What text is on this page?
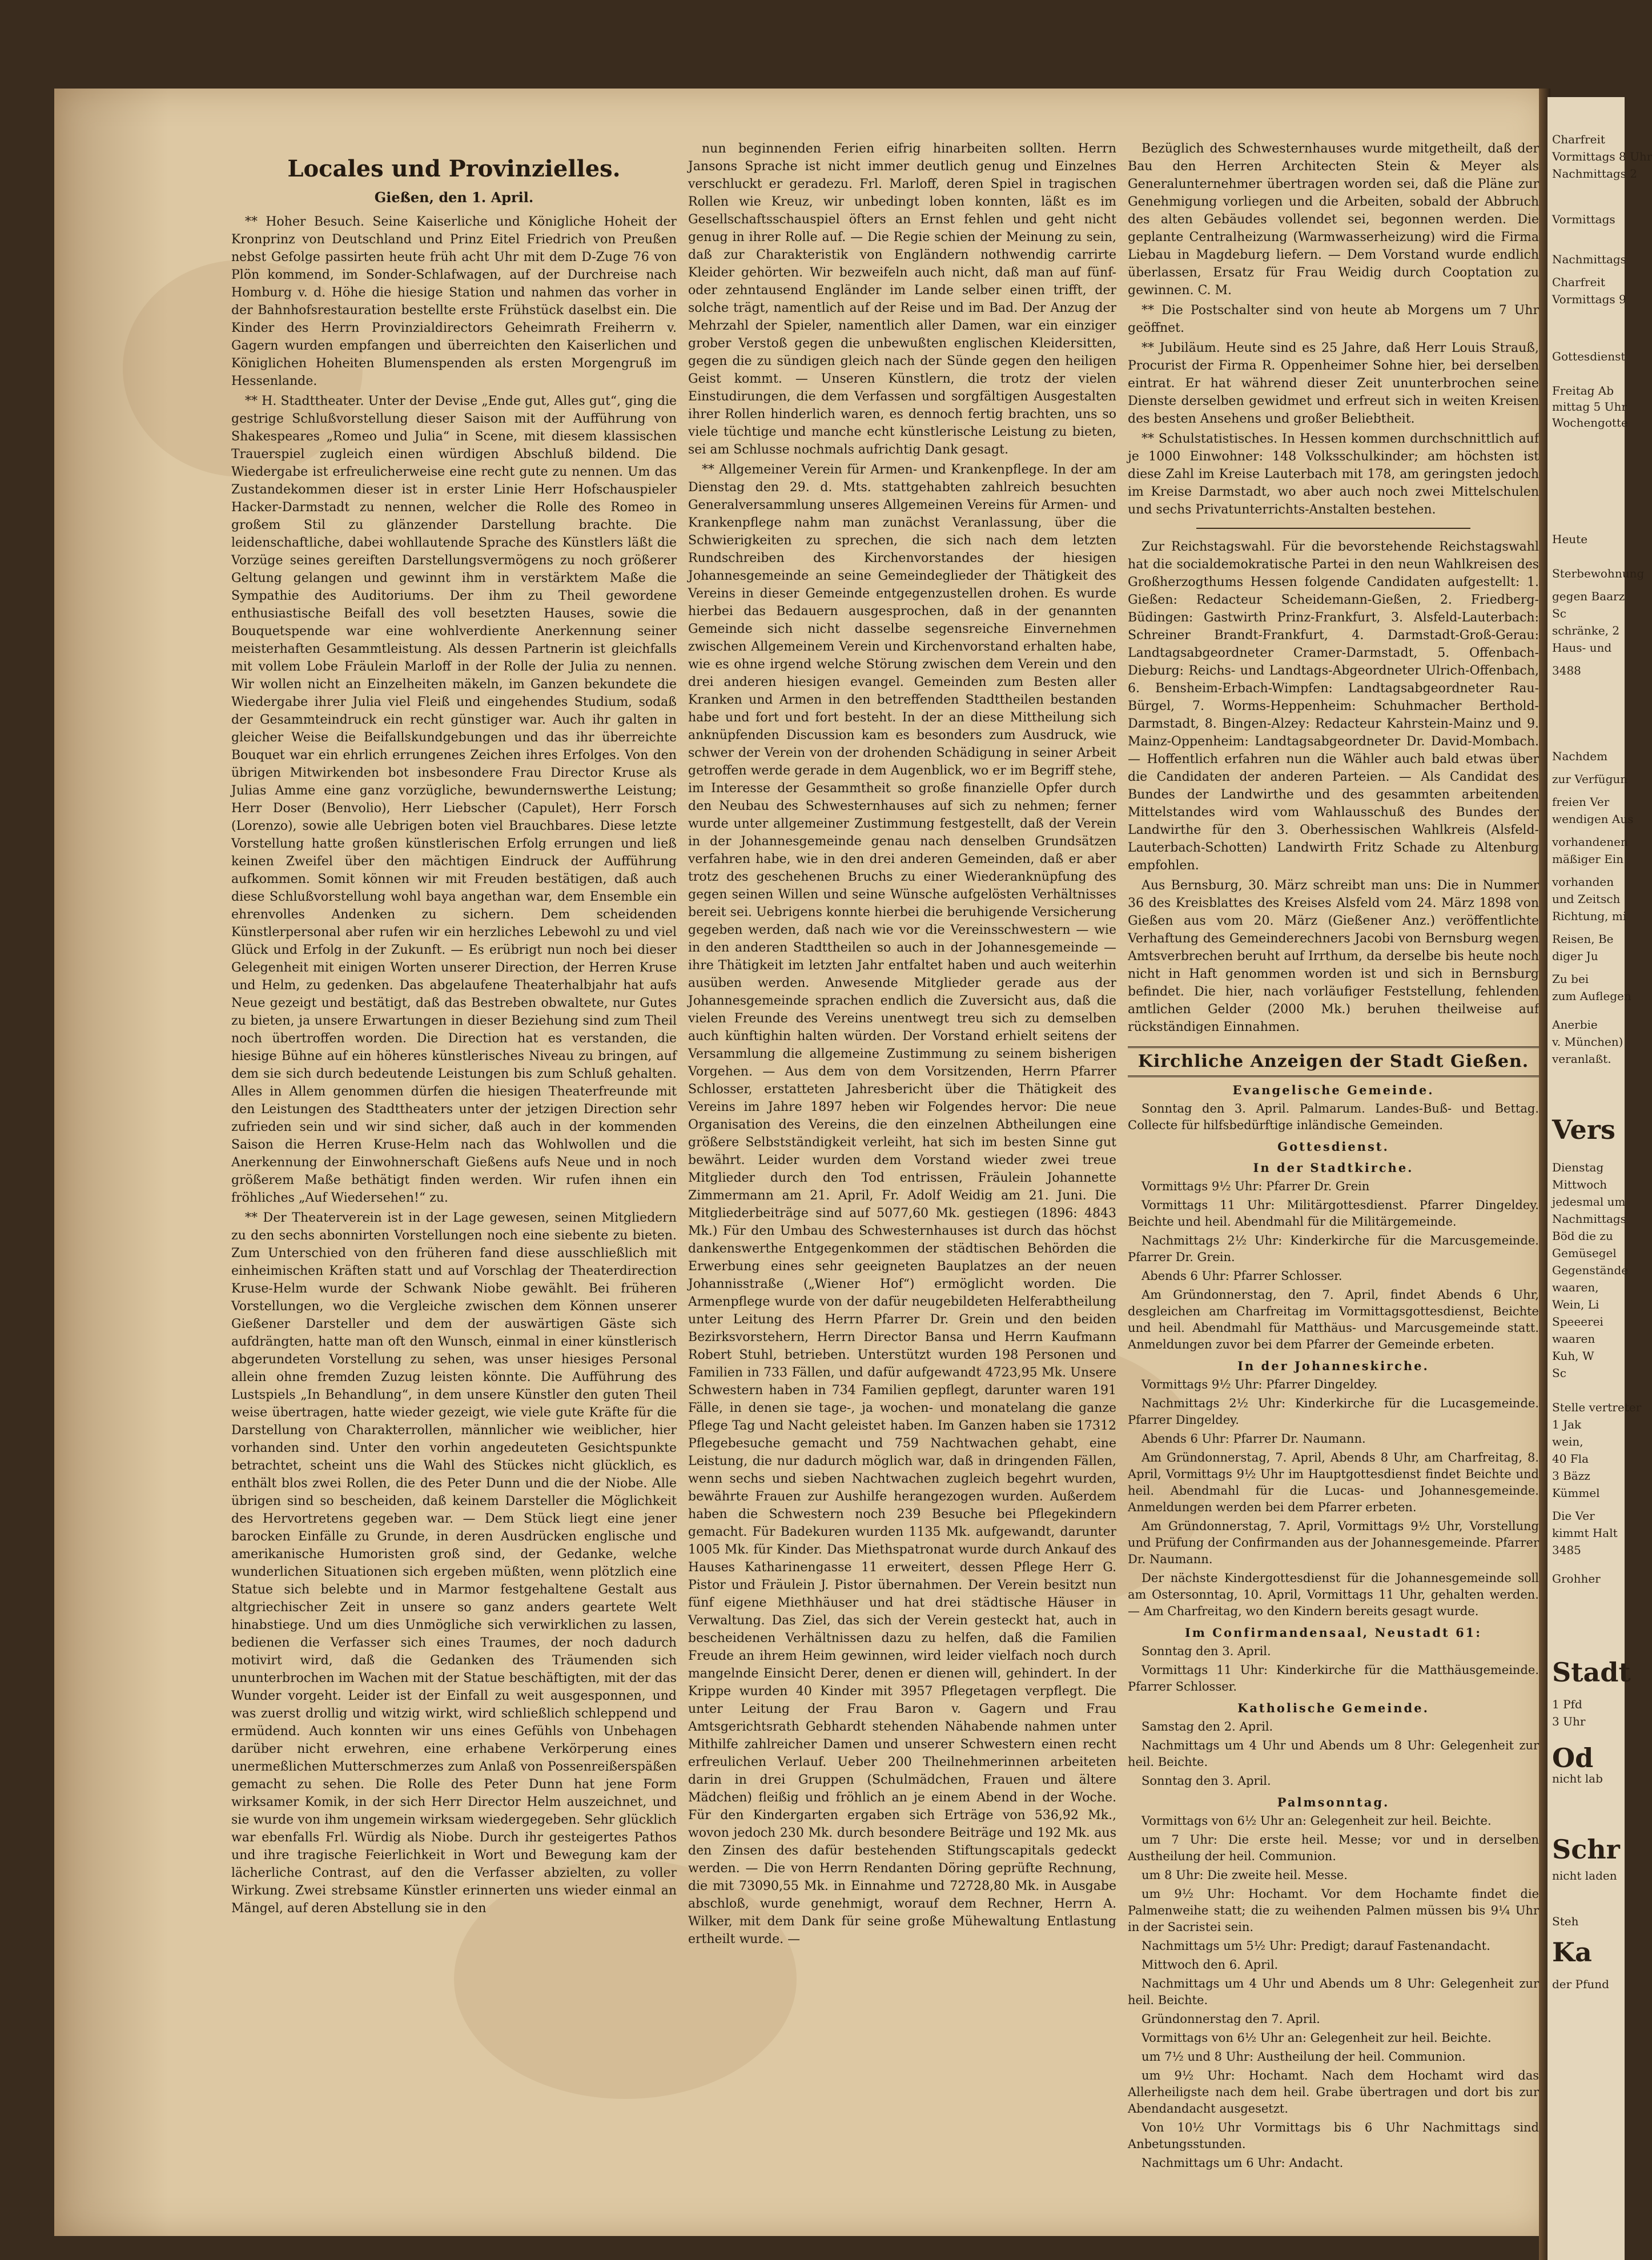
Locales und Provinzielles.
Gießen, den 1. April.

** Hoher Besuch. Seine Kaiserliche und Königliche Hoheit der Kronprinz von Deutschland und Prinz Eitel Friedrich von Preußen nebst Gefolge passirten heute früh acht Uhr mit dem D-Zuge 76 von Plön kommend, im Sonder-Schlafwagen, auf der Durchreise nach Homburg v. d. Höhe die hiesige Station und nahmen das vorher in der Bahnhofsrestauration bestellte erste Frühstück daselbst ein. Die Kinder des Herrn Provinzialdirectors Geheimrath Freiherrn v. Gagern wurden empfangen und überreichten den Kaiserlichen und Königlichen Hoheiten Blumenspenden als ersten Morgengruß im Hessenlande.

** H. Stadttheater. Unter der Devise „Ende gut, Alles gut“, ging die gestrige Schlußvorstellung dieser Saison mit der Aufführung von Shakespeares „Romeo und Julia“ in Scene, mit diesem klassischen Trauerspiel zugleich einen würdigen Abschluß bildend. Die Wiedergabe ist erfreulicherweise eine recht gute zu nennen. Um das Zustandekommen dieser ist in erster Linie Herr Hofschauspieler Hacker-Darmstadt zu nennen, welcher die Rolle des Romeo in großem Stil zu glänzender Darstellung brachte. Die leidenschaftliche, dabei wohllautende Sprache des Künstlers läßt die Vorzüge seines gereiften Darstellungsvermögens zu noch größerer Geltung gelangen und gewinnt ihm in verstärktem Maße die Sympathie des Auditoriums. Der ihm zu Theil gewordene enthusiastische Beifall des voll besetzten Hauses, sowie die Bouquetspende war eine wohlverdiente Anerkennung seiner meisterhaften Gesammtleistung. Als dessen Partnerin ist gleichfalls mit vollem Lobe Fräulein Marloff in der Rolle der Julia zu nennen. Wir wollen nicht an Einzelheiten mäkeln, im Ganzen bekundete die Wiedergabe ihrer Julia viel Fleiß und eingehendes Studium, sodaß der Gesammteindruck ein recht günstiger war. Auch ihr galten in gleicher Weise die Beifallskundgebungen und das ihr überreichte Bouquet war ein ehrlich errungenes Zeichen ihres Erfolges. Von den übrigen Mitwirkenden bot insbesondere Frau Director Kruse als Julias Amme eine ganz vorzügliche, bewundernswerthe Leistung; Herr Doser (Benvolio), Herr Liebscher (Capulet), Herr Forsch (Lorenzo), sowie alle Uebrigen boten viel Brauchbares. Diese letzte Vorstellung hatte großen künstlerischen Erfolg errungen und ließ keinen Zweifel über den mächtigen Eindruck der Aufführung aufkommen. Somit können wir mit Freuden bestätigen, daß auch diese Schlußvorstellung wohl baya angethan war, dem Ensemble ein ehrenvolles Andenken zu sichern. Dem scheidenden Künstlerpersonal aber rufen wir ein herzliches Lebewohl zu und viel Glück und Erfolg in der Zukunft. — Es erübrigt nun noch bei dieser Gelegenheit mit einigen Worten unserer Direction, der Herren Kruse und Helm, zu gedenken. Das abgelaufene Theaterhalbjahr hat aufs Neue gezeigt und bestätigt, daß das Bestreben obwaltete, nur Gutes zu bieten, ja unsere Erwartungen in dieser Beziehung sind zum Theil noch übertroffen worden. Die Direction hat es verstanden, die hiesige Bühne auf ein höheres künstlerisches Niveau zu bringen, auf dem sie sich durch bedeutende Leistungen bis zum Schluß gehalten. Alles in Allem genommen dürfen die hiesigen Theaterfreunde mit den Leistungen des Stadttheaters unter der jetzigen Direction sehr zufrieden sein und wir sind sicher, daß auch in der kommenden Saison die Herren Kruse-Helm nach das Wohlwollen und die Anerkennung der Einwohnerschaft Gießens aufs Neue und in noch größerem Maße bethätigt finden werden. Wir rufen ihnen ein fröhliches „Auf Wiedersehen!“ zu.

** Der Theaterverein ist in der Lage gewesen, seinen Mitgliedern zu den sechs abonnirten Vorstellungen noch eine siebente zu bieten. Zum Unterschied von den früheren fand diese ausschließlich mit einheimischen Kräften statt und auf Vorschlag der Theaterdirection Kruse-Helm wurde der Schwank Niobe gewählt. Bei früheren Vorstellungen, wo die Vergleiche zwischen dem Können unserer Gießener Darsteller und dem der auswärtigen Gäste sich aufdrängten, hatte man oft den Wunsch, einmal in einer künstlerisch abgerundeten Vorstellung zu sehen, was unser hiesiges Personal allein ohne fremden Zuzug leisten könnte. Die Aufführung des Lustspiels „In Behandlung“, in dem unsere Künstler den guten Theil weise übertragen, hatte wieder gezeigt, wie viele gute Kräfte für die Darstellung von Charakterrollen, männlicher wie weiblicher, hier vorhanden sind. Unter den vorhin angedeuteten Gesichtspunkte betrachtet, scheint uns die Wahl des Stückes nicht glücklich, es enthält blos zwei Rollen, die des Peter Dunn und die der Niobe. Alle übrigen sind so bescheiden, daß keinem Darsteller die Möglichkeit des Hervortretens gegeben war. — Dem Stück liegt eine jener barocken Einfälle zu Grunde, in deren Ausdrücken englische und amerikanische Humoristen groß sind, der Gedanke, welche wunderlichen Situationen sich ergeben müßten, wenn plötzlich eine Statue sich belebte und in Marmor festgehaltene Gestalt aus altgriechischer Zeit in unsere so ganz anders geartete Welt hinabstiege. Und um dies Unmögliche sich verwirklichen zu lassen, bedienen die Verfasser sich eines Traumes, der noch dadurch motivirt wird, daß die Gedanken des Träumenden sich ununterbrochen im Wachen mit der Statue beschäftigten, mit der das Wunder vorgeht. Leider ist der Einfall zu weit ausgesponnen, und was zuerst drollig und witzig wirkt, wird schließlich schleppend und ermüdend. Auch konnten wir uns eines Gefühls von Unbehagen darüber nicht erwehren, eine erhabene Verkörperung eines unermeßlichen Mutterschmerzes zum Anlaß von Possenreißerspäßen gemacht zu sehen. Die Rolle des Peter Dunn hat jene Form wirksamer Komik, in der sich Herr Director Helm auszeichnet, und sie wurde von ihm ungemein wirksam wiedergegeben. Sehr glücklich war ebenfalls Frl. Würdig als Niobe. Durch ihr gesteigertes Pathos und ihre tragische Feierlichkeit in Wort und Bewegung kam der lächerliche Contrast, auf den die Verfasser abzielten, zu voller Wirkung. Zwei strebsame Künstler erinnerten uns wieder einmal an Mängel, auf deren Abstellung sie in den

nun beginnenden Ferien eifrig hinarbeiten sollten. Herrn Jansons Sprache ist nicht immer deutlich genug und Einzelnes verschluckt er geradezu. Frl. Marloff, deren Spiel in tragischen Rollen wie Kreuz, wir unbedingt loben konnten, läßt es im Gesellschaftsschauspiel öfters an Ernst fehlen und geht nicht genug in ihrer Rolle auf. — Die Regie schien der Meinung zu sein, daß zur Charakteristik von Engländern nothwendig carrirte Kleider gehörten. Wir bezweifeln auch nicht, daß man auf fünf- oder zehntausend Engländer im Lande selber einen trifft, der solche trägt, namentlich auf der Reise und im Bad. Der Anzug der Mehrzahl der Spieler, namentlich aller Damen, war ein einziger grober Verstoß gegen die unbewußten englischen Kleidersitten, gegen die zu sündigen gleich nach der Sünde gegen den heiligen Geist kommt. — Unseren Künstlern, die trotz der vielen Einstudirungen, die dem Verfassen und sorgfältigen Ausgestalten ihrer Rollen hinderlich waren, es dennoch fertig brachten, uns so viele tüchtige und manche echt künstlerische Leistung zu bieten, sei am Schlusse nochmals aufrichtig Dank gesagt.

** Allgemeiner Verein für Armen- und Krankenpflege. In der am Dienstag den 29. d. Mts. stattgehabten zahlreich besuchten Generalversammlung unseres Allgemeinen Vereins für Armen- und Krankenpflege nahm man zunächst Veranlassung, über die Schwierigkeiten zu sprechen, die sich nach dem letzten Rundschreiben des Kirchenvorstandes der hiesigen Johannesgemeinde an seine Gemeindeglieder der Thätigkeit des Vereins in dieser Gemeinde entgegenzustellen drohen. Es wurde hierbei das Bedauern ausgesprochen, daß in der genannten Gemeinde sich nicht dasselbe segensreiche Einvernehmen zwischen Allgemeinem Verein und Kirchenvorstand erhalten habe, wie es ohne irgend welche Störung zwischen dem Verein und den drei anderen hiesigen evangel. Gemeinden zum Besten aller Kranken und Armen in den betreffenden Stadttheilen bestanden habe und fort und fort besteht. In der an diese Mittheilung sich anknüpfenden Discussion kam es besonders zum Ausdruck, wie schwer der Verein von der drohenden Schädigung in seiner Arbeit getroffen werde gerade in dem Augenblick, wo er im Begriff stehe, im Interesse der Gesammtheit so große finanzielle Opfer durch den Neubau des Schwesternhauses auf sich zu nehmen; ferner wurde unter allgemeiner Zustimmung festgestellt, daß der Verein in der Johannesgemeinde genau nach denselben Grundsätzen verfahren habe, wie in den drei anderen Gemeinden, daß er aber trotz des geschehenen Bruchs zu einer Wiederanknüpfung des gegen seinen Willen und seine Wünsche aufgelösten Verhältnisses bereit sei. Uebrigens konnte hierbei die beruhigende Versicherung gegeben werden, daß nach wie vor die Vereinsschwestern — wie in den anderen Stadttheilen so auch in der Johannesgemeinde — ihre Thätigkeit im letzten Jahr entfaltet haben und auch weiterhin ausüben werden. Anwesende Mitglieder gerade aus der Johannesgemeinde sprachen endlich die Zuversicht aus, daß die vielen Freunde des Vereins unentwegt treu sich zu demselben auch künftighin halten würden. Der Vorstand erhielt seitens der Versammlung die allgemeine Zustimmung zu seinem bisherigen Vorgehen. — Aus dem von dem Vorsitzenden, Herrn Pfarrer Schlosser, erstatteten Jahresbericht über die Thätigkeit des Vereins im Jahre 1897 heben wir Folgendes hervor: Die neue Organisation des Vereins, die den einzelnen Abtheilungen eine größere Selbstständigkeit verleiht, hat sich im besten Sinne gut bewährt. Leider wurden dem Vorstand wieder zwei treue Mitglieder durch den Tod entrissen, Fräulein Johannette Zimmermann am 21. April, Fr. Adolf Weidig am 21. Juni. Die Mitgliederbeiträge sind auf 5077,60 Mk. gestiegen (1896: 4843 Mk.) Für den Umbau des Schwesternhauses ist durch das höchst dankenswerthe Entgegenkommen der städtischen Behörden die Erwerbung eines sehr geeigneten Bauplatzes an der neuen Johannisstraße („Wiener Hof“) ermöglicht worden. Die Armenpflege wurde von der dafür neugebildeten Helferabtheilung unter Leitung des Herrn Pfarrer Dr. Grein und den beiden Bezirksvorstehern, Herrn Director Bansa und Herrn Kaufmann Robert Stuhl, betrieben. Unterstützt wurden 198 Personen und Familien in 733 Fällen, und dafür aufgewandt 4723,95 Mk. Unsere Schwestern haben in 734 Familien gepflegt, darunter waren 191 Fälle, in denen sie tage-, ja wochen- und monatelang die ganze Pflege Tag und Nacht geleistet haben. Im Ganzen haben sie 17312 Pflegebesuche gemacht und 759 Nachtwachen gehabt, eine Leistung, die nur dadurch möglich war, daß in dringenden Fällen, wenn sechs und sieben Nachtwachen zugleich begehrt wurden, bewährte Frauen zur Aushilfe herangezogen wurden. Außerdem haben die Schwestern noch 239 Besuche bei Pflegekindern gemacht. Für Badekuren wurden 1135 Mk. aufgewandt, darunter 1005 Mk. für Kinder. Das Miethspatronat wurde durch Ankauf des Hauses Katharinengasse 11 erweitert, dessen Pflege Herr G. Pistor und Fräulein J. Pistor übernahmen. Der Verein besitzt nun fünf eigene Miethhäuser und hat drei städtische Häuser in Verwaltung. Das Ziel, das sich der Verein gesteckt hat, auch in bescheidenen Verhältnissen dazu zu helfen, daß die Familien Freude an ihrem Heim gewinnen, wird leider vielfach noch durch mangelnde Einsicht Derer, denen er dienen will, gehindert. In der Krippe wurden 40 Kinder mit 3957 Pflegetagen verpflegt. Die unter Leitung der Frau Baron v. Gagern und Frau Amtsgerichtsrath Gebhardt stehenden Nähabende nahmen unter Mithilfe zahlreicher Damen und unserer Schwestern einen recht erfreulichen Verlauf. Ueber 200 Theilnehmerinnen arbeiteten darin in drei Gruppen (Schulmädchen, Frauen und ältere Mädchen) fleißig und fröhlich an je einem Abend in der Woche. Für den Kindergarten ergaben sich Erträge von 536,92 Mk., wovon jedoch 230 Mk. durch besondere Beiträge und 192 Mk. aus den Zinsen des dafür bestehenden Stiftungscapitals gedeckt werden. — Die von Herrn Rendanten Döring geprüfte Rechnung, die mit 73090,55 Mk. in Einnahme und 72728,80 Mk. in Ausgabe abschloß, wurde genehmigt, worauf dem Rechner, Herrn A. Wilker, mit dem Dank für seine große Mühewaltung Entlastung ertheilt wurde. —

Bezüglich des Schwesternhauses wurde mitgetheilt, daß der Bau den Herren Architecten Stein & Meyer als Generalunternehmer übertragen worden sei, daß die Pläne zur Genehmigung vorliegen und die Arbeiten, sobald der Abbruch des alten Gebäudes vollendet sei, begonnen werden. Die geplante Centralheizung (Warmwasserheizung) wird die Firma Liebau in Magdeburg liefern. — Dem Vorstand wurde endlich überlassen, Ersatz für Frau Weidig durch Cooptation zu gewinnen. C. M.

** Die Postschalter sind von heute ab Morgens um 7 Uhr geöffnet.

** Jubiläum. Heute sind es 25 Jahre, daß Herr Louis Strauß, Procurist der Firma R. Oppenheimer Sohne hier, bei derselben eintrat. Er hat während dieser Zeit ununterbrochen seine Dienste derselben gewidmet und erfreut sich in weiten Kreisen des besten Ansehens und großer Beliebtheit.

** Schulstatistisches. In Hessen kommen durchschnittlich auf je 1000 Einwohner: 148 Volksschulkinder; am höchsten ist diese Zahl im Kreise Lauterbach mit 178, am geringsten jedoch im Kreise Darmstadt, wo aber auch noch zwei Mittelschulen und sechs Privatunterrichts-Anstalten bestehen.

Zur Reichstagswahl. Für die bevorstehende Reichstagswahl hat die socialdemokratische Partei in den neun Wahlkreisen des Großherzogthums Hessen folgende Candidaten aufgestellt: 1. Gießen: Redacteur Scheidemann-Gießen, 2. Friedberg-Büdingen: Gastwirth Prinz-Frankfurt, 3. Alsfeld-Lauterbach: Schreiner Brandt-Frankfurt, 4. Darmstadt-Groß-Gerau: Landtagsabgeordneter Cramer-Darmstadt, 5. Offenbach-Dieburg: Reichs- und Landtags-Abgeordneter Ulrich-Offenbach, 6. Bensheim-Erbach-Wimpfen: Landtagsabgeordneter Rau-Bürgel, 7. Worms-Heppenheim: Schuhmacher Berthold-Darmstadt, 8. Bingen-Alzey: Redacteur Kahrstein-Mainz und 9. Mainz-Oppenheim: Landtagsabgeordneter Dr. David-Mombach. — Hoffentlich erfahren nun die Wähler auch bald etwas über die Candidaten der anderen Parteien. — Als Candidat des Bundes der Landwirthe und des gesammten arbeitenden Mittelstandes wird vom Wahlausschuß des Bundes der Landwirthe für den 3. Oberhessischen Wahlkreis (Alsfeld-Lauterbach-Schotten) Landwirth Fritz Schade zu Altenburg empfohlen.

Aus Bernsburg, 30. März schreibt man uns: Die in Nummer 36 des Kreisblattes des Kreises Alsfeld vom 24. März 1898 von Gießen aus vom 20. März (Gießener Anz.) veröffentlichte Verhaftung des Gemeinderechners Jacobi von Bernsburg wegen Amtsverbrechen beruht auf Irrthum, da derselbe bis heute noch nicht in Haft genommen worden ist und sich in Bernsburg befindet. Die hier, nach vorläufiger Feststellung, fehlenden amtlichen Gelder (2000 Mk.) beruhen theilweise auf rückständigen Einnahmen.

Kirchliche Anzeigen der Stadt Gießen.
Evangelische Gemeinde.

Sonntag den 3. April. Palmarum. Landes-Buß- und Bettag. Collecte für hilfsbedürftige inländische Gemeinden.

Gottesdienst.
In der Stadtkirche.

Vormittags 9½ Uhr: Pfarrer Dr. Grein

Vormittags 11 Uhr: Militärgottesdienst. Pfarrer Dingeldey. Beichte und heil. Abendmahl für die Militärgemeinde.

Nachmittags 2½ Uhr: Kinderkirche für die Marcusgemeinde. Pfarrer Dr. Grein.

Abends 6 Uhr: Pfarrer Schlosser.

Am Gründonnerstag, den 7. April, findet Abends 6 Uhr, desgleichen am Charfreitag im Vormittagsgottesdienst, Beichte und heil. Abendmahl für Matthäus- und Marcusgemeinde statt. Anmeldungen zuvor bei dem Pfarrer der Gemeinde erbeten.

In der Johanneskirche.

Vormittags 9½ Uhr: Pfarrer Dingeldey.

Nachmittags 2½ Uhr: Kinderkirche für die Lucasgemeinde. Pfarrer Dingeldey.

Abends 6 Uhr: Pfarrer Dr. Naumann.

Am Gründonnerstag, 7. April, Abends 8 Uhr, am Charfreitag, 8. April, Vormittags 9½ Uhr im Hauptgottesdienst findet Beichte und heil. Abendmahl für die Lucas- und Johannesgemeinde. Anmeldungen werden bei dem Pfarrer erbeten.

Am Gründonnerstag, 7. April, Vormittags 9½ Uhr, Vorstellung und Prüfung der Confirmanden aus der Johannesgemeinde. Pfarrer Dr. Naumann.

Der nächste Kindergottesdienst für die Johannesgemeinde soll am Ostersonntag, 10. April, Vormittags 11 Uhr, gehalten werden. — Am Charfreitag, wo den Kindern bereits gesagt wurde.

Im Confirmandensaal, Neustadt 61:

Sonntag den 3. April.

Vormittags 11 Uhr: Kinderkirche für die Matthäusgemeinde. Pfarrer Schlosser.

Katholische Gemeinde.

Samstag den 2. April.

Nachmittags um 4 Uhr und Abends um 8 Uhr: Gelegenheit zur heil. Beichte.

Sonntag den 3. April.

Palmsonntag.

Vormittags von 6½ Uhr an: Gelegenheit zur heil. Beichte.

um 7 Uhr: Die erste heil. Messe; vor und in derselben Austheilung der heil. Communion.

um 8 Uhr: Die zweite heil. Messe.

um 9½ Uhr: Hochamt. Vor dem Hochamte findet die Palmenweihe statt; die zu weihenden Palmen müssen bis 9¼ Uhr in der Sacristei sein.

Nachmittags um 5½ Uhr: Predigt; darauf Fastenandacht.

Mittwoch den 6. April.

Nachmittags um 4 Uhr und Abends um 8 Uhr: Gelegenheit zur heil. Beichte.

Gründonnerstag den 7. April.

Vormittags von 6½ Uhr an: Gelegenheit zur heil. Beichte.

um 7½ und 8 Uhr: Austheilung der heil. Communion.

um 9½ Uhr: Hochamt. Nach dem Hochamt wird das Allerheiligste nach dem heil. Grabe übertragen und dort bis zur Abendandacht ausgesetzt.

Von 10½ Uhr Vormittags bis 6 Uhr Nachmittags sind Anbetungsstunden.

Nachmittags um 6 Uhr: Andacht.

Charfreit
Vormittags 8 Uhr
Nachmittags 2
Vormittags
Nachmittags
Charfreit
Vormittags 9
Gottesdienst
Freitag Ab
mittag 5 Uhr
Wochengotte
Heute
Sterbewohnung
gegen Baarz
Sc
schränke, 2
Haus- und
3488
Nachdem
zur Verfügun
freien Ver
wendigen Aus
vorhandenen
mäßiger Ein
vorhanden
und Zeitsch
Richtung, mi
Reisen, Be
diger Ju
Zu bei
zum Auflegen
Anerbie
v. München)
veranlaßt.
Vers
Dienstag
Mittwoch
jedesmal um
Nachmittags
Böd die zu
Gemüsegel
Gegenstände
waaren,
Wein, Li
Speeerei
waaren
Kuh, W
Sc
Stelle vertreter
1 Jak
wein,
40 Fla
3 Bäzz
Kümmel
Die Ver
kimmt Halt
3485
Grohher
Stadt
1 Pfd
3 Uhr
Od
nicht lab
Schr
nicht laden
Steh
Ka
der Pfund
